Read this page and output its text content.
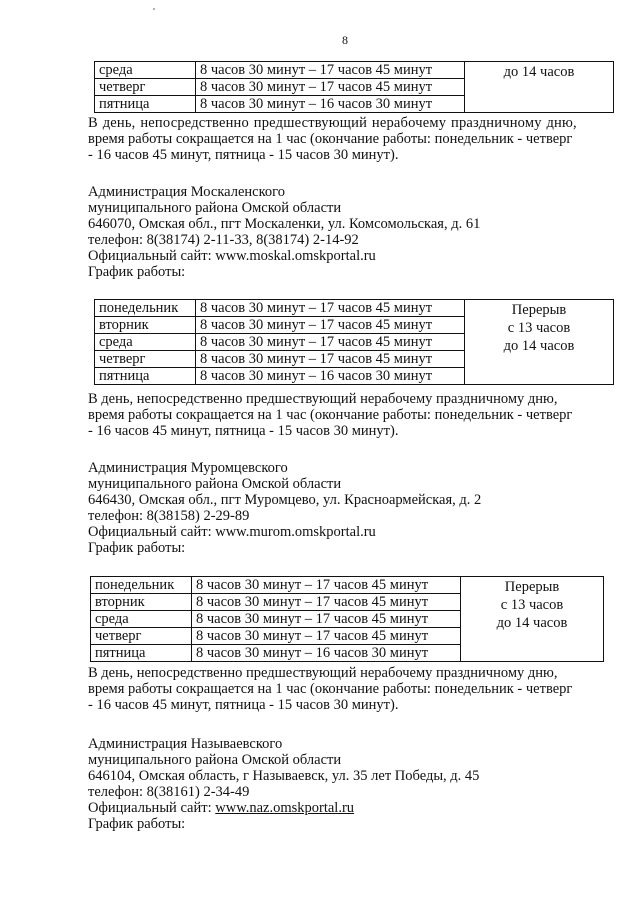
8
среда	8 часов 30 минут – 17 часов 45 минут	до 14 часов
четверг	8 часов 30 минут – 17 часов 45 минут	
пятница	8 часов 30 минут – 16 часов 30 минут	
В день, непосредственно предшествующий нерабочему праздничному дню,
время работы сокращается на 1 час (окончание работы: понедельник - четверг
- 16 часов 45 минут, пятница - 15 часов 30 минут).
Администрация Москаленского
муниципального района Омской области
646070, Омская обл., пгт Москаленки, ул. Комсомольская, д. 61
телефон: 8(38174) 2-11-33, 8(38174) 2-14-92
Официальный сайт: www.moskal.omskportal.ru
График работы:
понедельник	8 часов 30 минут – 17 часов 45 минут	Перерыв
с 13 часов
до 14 часов

вторник	8 часов 30 минут – 17 часов 45 минут	
среда	8 часов 30 минут – 17 часов 45 минут	
четверг	8 часов 30 минут – 17 часов 45 минут	
пятница	8 часов 30 минут – 16 часов 30 минут	
В день, непосредственно предшествующий нерабочему праздничному дню,
время работы сокращается на 1 час (окончание работы: понедельник - четверг
- 16 часов 45 минут, пятница - 15 часов 30 минут).
Администрация Муромцевского
муниципального района Омской области
646430, Омская обл., пгт Муромцево, ул. Красноармейская, д. 2
телефон: 8(38158) 2-29-89
Официальный сайт: www.murom.omskportal.ru
График работы:
понедельник	8 часов 30 минут – 17 часов 45 минут	Перерыв
с 13 часов
до 14 часов

вторник	8 часов 30 минут – 17 часов 45 минут	
среда	8 часов 30 минут – 17 часов 45 минут	
четверг	8 часов 30 минут – 17 часов 45 минут	
пятница	8 часов 30 минут – 16 часов 30 минут	
В день, непосредственно предшествующий нерабочему праздничному дню,
время работы сокращается на 1 час (окончание работы: понедельник - четверг
- 16 часов 45 минут, пятница - 15 часов 30 минут).
Администрация Называевского
муниципального района Омской области
646104, Омская область, г Называевск, ул. 35 лет Победы, д. 45
телефон: 8(38161) 2-34-49
Официальный сайт: www.naz.omskportal.ru
График работы:
